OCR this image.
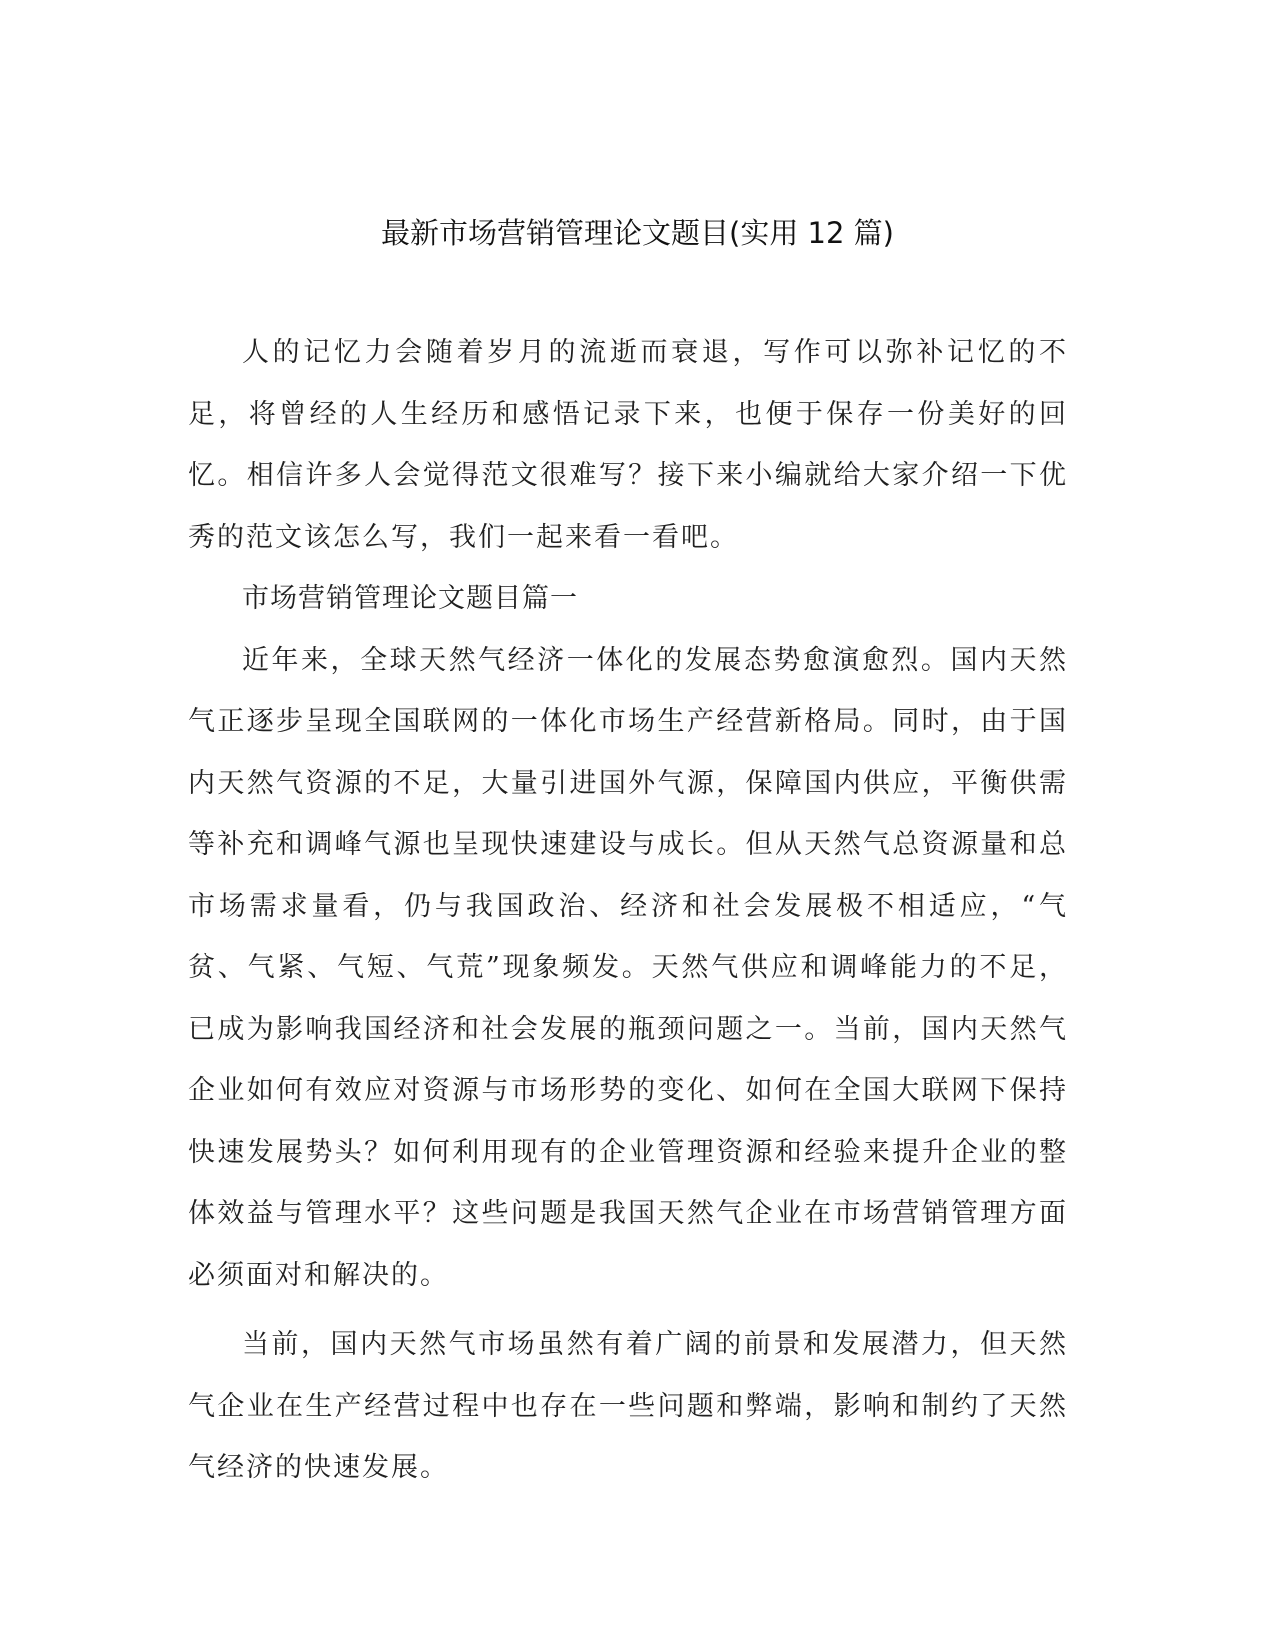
最新市场营销管理论文题目(实用 12 篇)

人的记忆力会随着岁月的流逝而衰退，写作可以弥补记忆的不足，将曾经的人生经历和感悟记录下来，也便于保存一份美好的回忆。相信许多人会觉得范文很难写？接下来小编就给大家介绍一下优秀的范文该怎么写，我们一起来看一看吧。

市场营销管理论文题目篇一

近年来，全球天然气经济一体化的发展态势愈演愈烈。国内天然气正逐步呈现全国联网的一体化市场生产经营新格局。同时，由于国内天然气资源的不足，大量引进国外气源，保障国内供应，平衡供需等补充和调峰气源也呈现快速建设与成长。但从天然气总资源量和总市场需求量看，仍与我国政治、经济和社会发展极不相适应，“气贫、气紧、气短、气荒”现象频发。天然气供应和调峰能力的不足，已成为影响我国经济和社会发展的瓶颈问题之一。当前，国内天然气企业如何有效应对资源与市场形势的变化、如何在全国大联网下保持快速发展势头？如何利用现有的企业管理资源和经验来提升企业的整体效益与管理水平？这些问题是我国天然气企业在市场营销管理方面必须面对和解决的。

当前，国内天然气市场虽然有着广阔的前景和发展潜力，但天然气企业在生产经营过程中也存在一些问题和弊端，影响和制约了天然气经济的快速发展。
